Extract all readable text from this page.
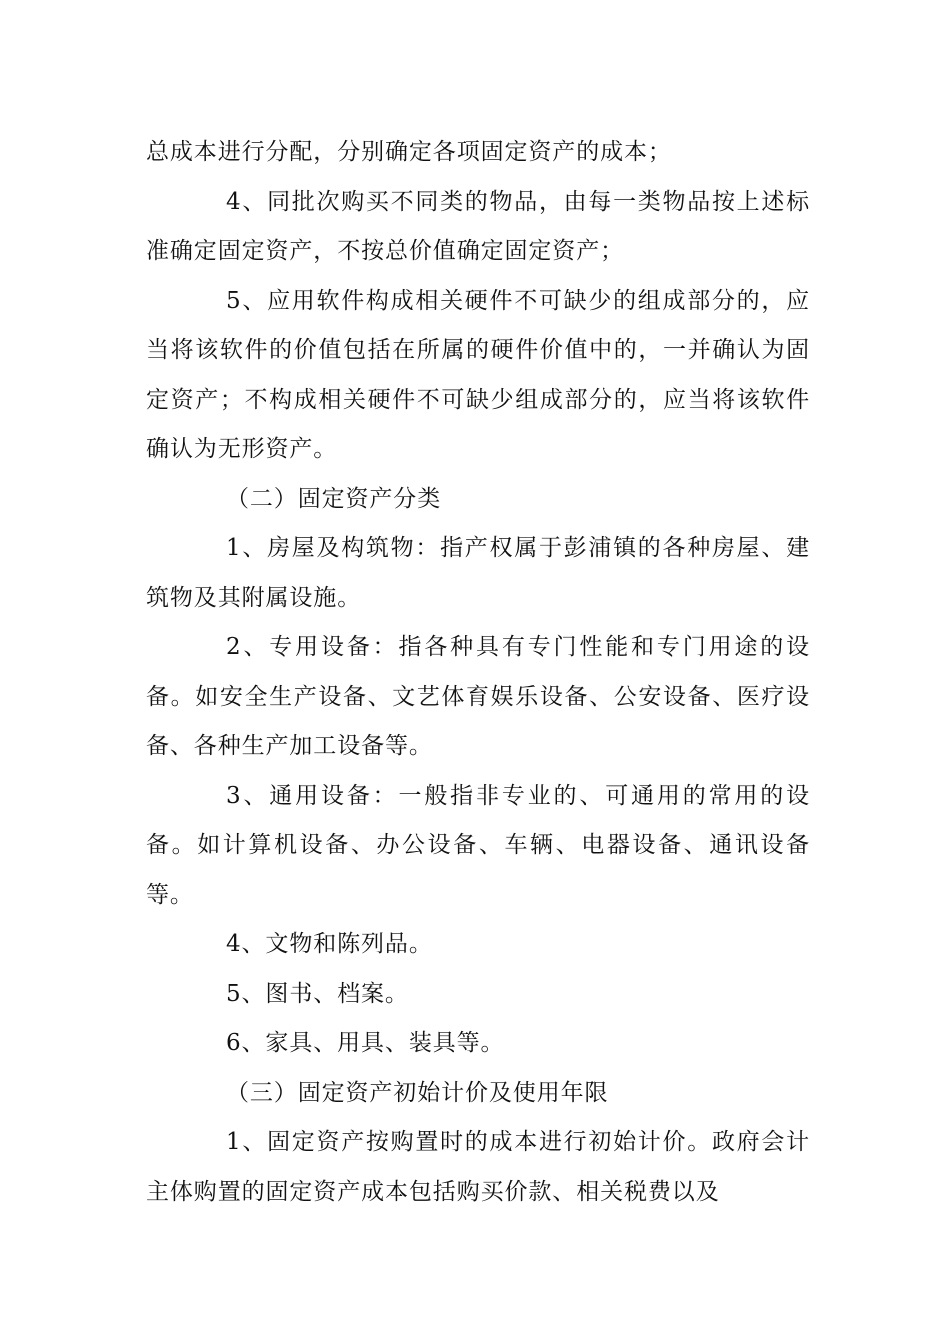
总成本进行分配，分别确定各项固定资产的成本；

4、同批次购买不同类的物品，由每一类物品按上述标准确定固定资产，不按总价值确定固定资产；

5、应用软件构成相关硬件不可缺少的组成部分的，应当将该软件的价值包括在所属的硬件价值中的，一并确认为固定资产；不构成相关硬件不可缺少组成部分的，应当将该软件确认为无形资产。

（二）固定资产分类

1、房屋及构筑物：指产权属于彭浦镇的各种房屋、建筑物及其附属设施。

2、专用设备：指各种具有专门性能和专门用途的设备。如安全生产设备、文艺体育娱乐设备、公安设备、医疗设备、各种生产加工设备等。

3、通用设备：一般指非专业的、可通用的常用的设备。如计算机设备、办公设备、车辆、电器设备、通讯设备等。

4、文物和陈列品。

5、图书、档案。

6、家具、用具、装具等。

（三）固定资产初始计价及使用年限

1、固定资产按购置时的成本进行初始计价。政府会计主体购置的固定资产成本包括购买价款、相关税费以及
